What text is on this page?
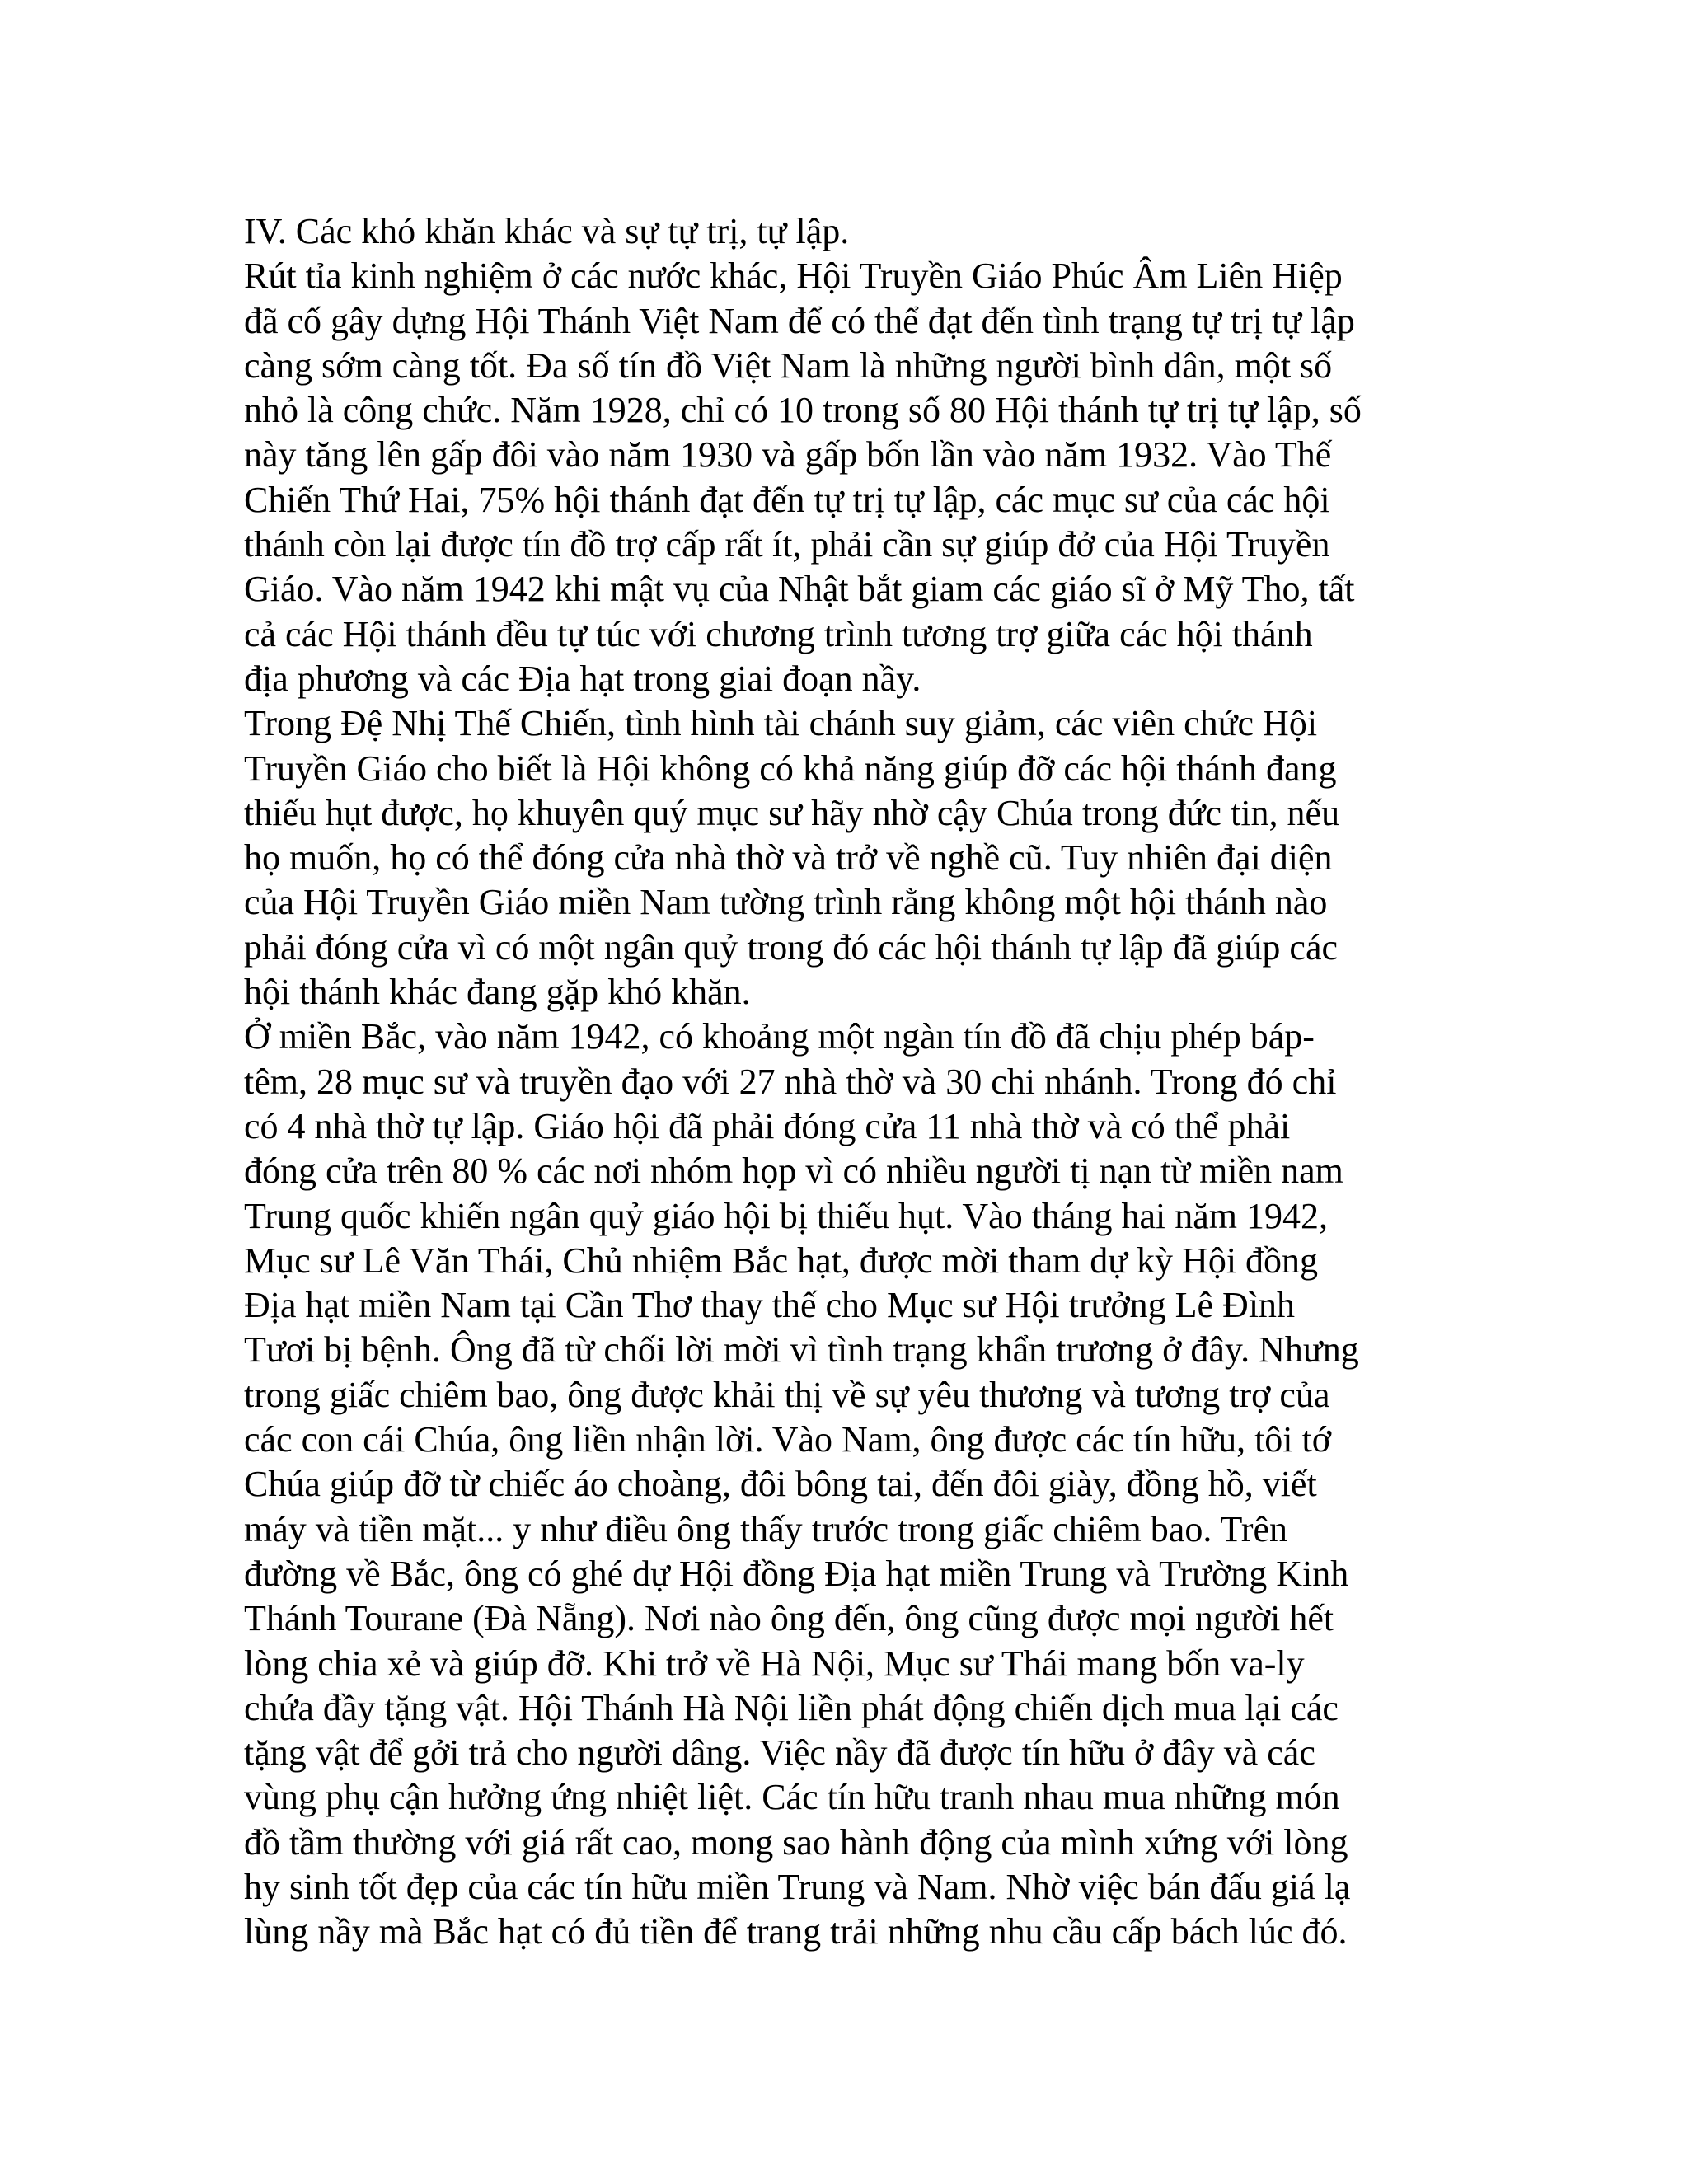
IV. Các khó khăn khác và sự tự trị, tự lập.
Rút tỉa kinh nghiệm ở các nước khác, Hội Truyền Giáo Phúc Âm Liên Hiệp
đã cố gây dựng Hội Thánh Việt Nam để có thể đạt đến tình trạng tự trị tự lập
càng sớm càng tốt. Đa số tín đồ Việt Nam là những người bình dân, một số
nhỏ là công chức. Năm 1928, chỉ có 10 trong số 80 Hội thánh tự trị tự lập, số
này tăng lên gấp đôi vào năm 1930 và gấp bốn lần vào năm 1932. Vào Thế
Chiến Thứ Hai, 75% hội thánh đạt đến tự trị tự lập, các mục sư của các hội
thánh còn lại được tín đồ trợ cấp rất ít, phải cần sự giúp đở của Hội Truyền
Giáo. Vào năm 1942 khi mật vụ của Nhật bắt giam các giáo sĩ ở Mỹ Tho, tất
cả các Hội thánh đều tự túc với chương trình tương trợ giữa các hội thánh
địa phương và các Địa hạt trong giai đoạn nầy.
Trong Đệ Nhị Thế Chiến, tình hình tài chánh suy giảm, các viên chức Hội
Truyền Giáo cho biết là Hội không có khả năng giúp đỡ các hội thánh đang
thiếu hụt được, họ khuyên quý mục sư hãy nhờ cậy Chúa trong đức tin, nếu
họ muốn, họ có thể đóng cửa nhà thờ và trở về nghề cũ. Tuy nhiên đại diện
của Hội Truyền Giáo miền Nam tường trình rằng không một hội thánh nào
phải đóng cửa vì có một ngân quỷ trong đó các hội thánh tự lập đã giúp các
hội thánh khác đang gặp khó khăn.
Ở miền Bắc, vào năm 1942, có khoảng một ngàn tín đồ đã chịu phép báp-
têm, 28 mục sư và truyền đạo với 27 nhà thờ và 30 chi nhánh. Trong đó chỉ
có 4 nhà thờ tự lập. Giáo hội đã phải đóng cửa 11 nhà thờ và có thể phải
đóng cửa trên 80 % các nơi nhóm họp vì có nhiều người tị nạn từ miền nam
Trung quốc khiến ngân quỷ giáo hội bị thiếu hụt. Vào tháng hai năm 1942,
Mục sư Lê Văn Thái, Chủ nhiệm Bắc hạt, được mời tham dự kỳ Hội đồng
Địa hạt miền Nam tại Cần Thơ thay thế cho Mục sư Hội trưởng Lê Đình
Tươi bị bệnh. Ông đã từ chối lời mời vì tình trạng khẩn trương ở đây. Nhưng
trong giấc chiêm bao, ông được khải thị về sự yêu thương và tương trợ của
các con cái Chúa, ông liền nhận lời. Vào Nam, ông được các tín hữu, tôi tớ
Chúa giúp đỡ từ chiếc áo choàng, đôi bông tai, đến đôi giày, đồng hồ, viết
máy và tiền mặt... y như điều ông thấy trước trong giấc chiêm bao. Trên
đường về Bắc, ông có ghé dự Hội đồng Địa hạt miền Trung và Trường Kinh
Thánh Tourane (Đà Nẵng). Nơi nào ông đến, ông cũng được mọi người hết
lòng chia xẻ và giúp đỡ. Khi trở về Hà Nội, Mục sư Thái mang bốn va-ly
chứa đầy tặng vật. Hội Thánh Hà Nội liền phát động chiến dịch mua lại các
tặng vật để gởi trả cho người dâng. Việc nầy đã được tín hữu ở đây và các
vùng phụ cận hưởng ứng nhiệt liệt. Các tín hữu tranh nhau mua những món
đồ tầm thường với giá rất cao, mong sao hành động của mình xứng với lòng
hy sinh tốt đẹp của các tín hữu miền Trung và Nam. Nhờ việc bán đấu giá lạ
lùng nầy mà Bắc hạt có đủ tiền để trang trải những nhu cầu cấp bách lúc đó.
